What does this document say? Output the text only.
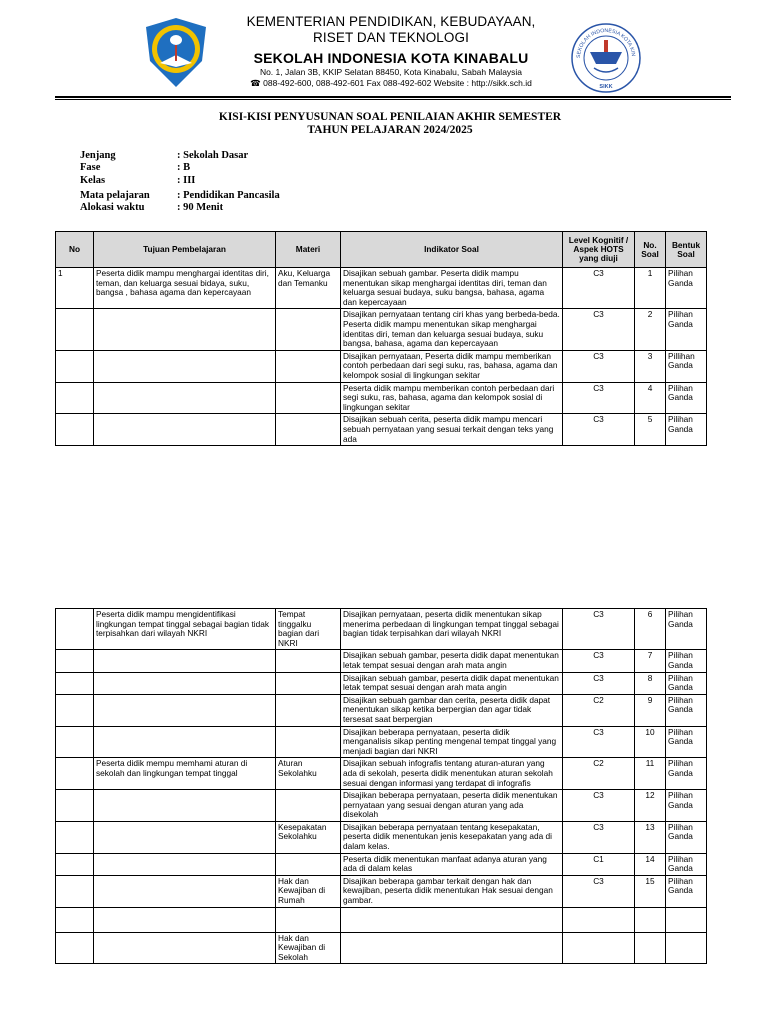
KEMENTERIAN PENDIDIKAN, KEBUDAYAAN,
RISET DAN TEKNOLOGI
SEKOLAH INDONESIA KOTA KINABALU
No. 1, Jalan 3B, KKIP Selatan 88450, Kota Kinabalu, Sabah Malaysia
☎ 088-492-600, 088-492-601 Fax 088-492-602 Website : http://sikk.sch.id
SEKOLAH INDONESIA KOTA KIN
SIKK
KISI-KISI PENYUSUNAN SOAL PENILAIAN AKHIR SEMESTER
TAHUN PELAJARAN 2024/2025
Jenjang	: Sekolah Dasar
Fase	: B
Kelas	: III
Mata pelajaran	: Pendidikan Pancasila
Alokasi waktu	: 90 Menit
No	Tujuan Pembelajaran	Materi	Indikator Soal	Level Kognitif / Aspek HOTS yang diuji	No. Soal	Bentuk Soal
1	Peserta didik mampu menghargai identitas diri, teman, dan keluarga sesuai bidaya, suku, bangsa , bahasa agama dan kepercayaan	Aku, Keluarga dan Temanku	Disajikan sebuah gambar. Peserta didik mampu menentukan sikap menghargai identitas diri, teman dan keluarga sesuai budaya, suku bangsa, bahasa, agama dan kepercayaan	C3	1	Pilihan Ganda
			Disajikan pernyataan tentang ciri khas yang berbeda-beda. Peserta didik mampu menentukan sikap menghargai identitas diri, teman dan keluarga sesuai budaya, suku bangsa, bahasa, agama dan kepercayaan	C3	2	Pilihan Ganda
			Disajikan pernyataan, Peserta didik mampu memberikan contoh perbedaan dari segi suku, ras, bahasa, agama dan kelompok sosial di lingkungan sekitar	C3	3	Pillihan Ganda
			Peserta didik mampu memberikan contoh perbedaan dari segi suku, ras, bahasa, agama dan kelompok sosial di lingkungan sekitar	C3	4	Pilihan Ganda
			Disajikan sebuah cerita, peserta didik mampu mencari sebuah pernyataan yang sesuai terkait dengan teks yang ada	C3	5	Pilihan Ganda
	Peserta didik mampu mengidentifikasi lingkungan tempat tinggal sebagai bagian tidak terpisahkan dari wilayah NKRI	Tempat tinggalku bagian dari NKRI	Disajikan pernyataan, peserta didik menentukan sikap menerima perbedaan di lingkungan tempat tinggal sebagai bagian tidak terpisahkan dari wilayah NKRI	C3	6	Pilihan Ganda
			Disajikan sebuah gambar, peserta didik dapat menentukan letak tempat sesuai dengan arah mata angin	C3	7	Pilihan Ganda
			Disajikan sebuah gambar, peserta didik dapat menentukan letak tempat sesuai dengan arah mata angin	C3	8	Pilihan Ganda
			Disajikan sebuah gambar dan cerita, peserta didik dapat menentukan sikap ketika berpergian dan agar tidak tersesat saat berpergian	C2	9	Pilihan Ganda
			Disajikan beberapa pernyataan, peserta didik menganalisis sikap penting mengenal tempat tinggal yang menjadi bagian dari NKRI	C3	10	Pilihan Ganda
	Peserta didik mempu memhami aturan di sekolah dan lingkungan tempat tinggal	Aturan Sekolahku	Disajikan sebuah infografis tentang aturan-aturan yang ada di sekolah, peserta didik menentukan aturan sekolah sesuai dengan informasi yang terdapat di infografis	C2	11	Pilihan Ganda
			Disajikan beberapa pernyataan, peserta didik menentukan pernyataan yang sesuai dengan aturan yang ada disekolah	C3	12	Pilihan Ganda
		Kesepakatan Sekolahku	Disajikan beberapa pernyataan tentang kesepakatan, peserta didik menentukan jenis kesepakatan yang ada di dalam kelas.	C3	13	Pilihan Ganda
			Peserta didik menentukan manfaat adanya aturan yang ada di dalam kelas	C1	14	Pilihan Ganda
		Hak dan Kewajiban di Rumah	Disajikan beberapa gambar terkait dengan hak dan kewajiban, peserta didik menentukan Hak sesuai dengan gambar.	C3	15	Pilihan Ganda

		Hak dan Kewajiban di Sekolah				
